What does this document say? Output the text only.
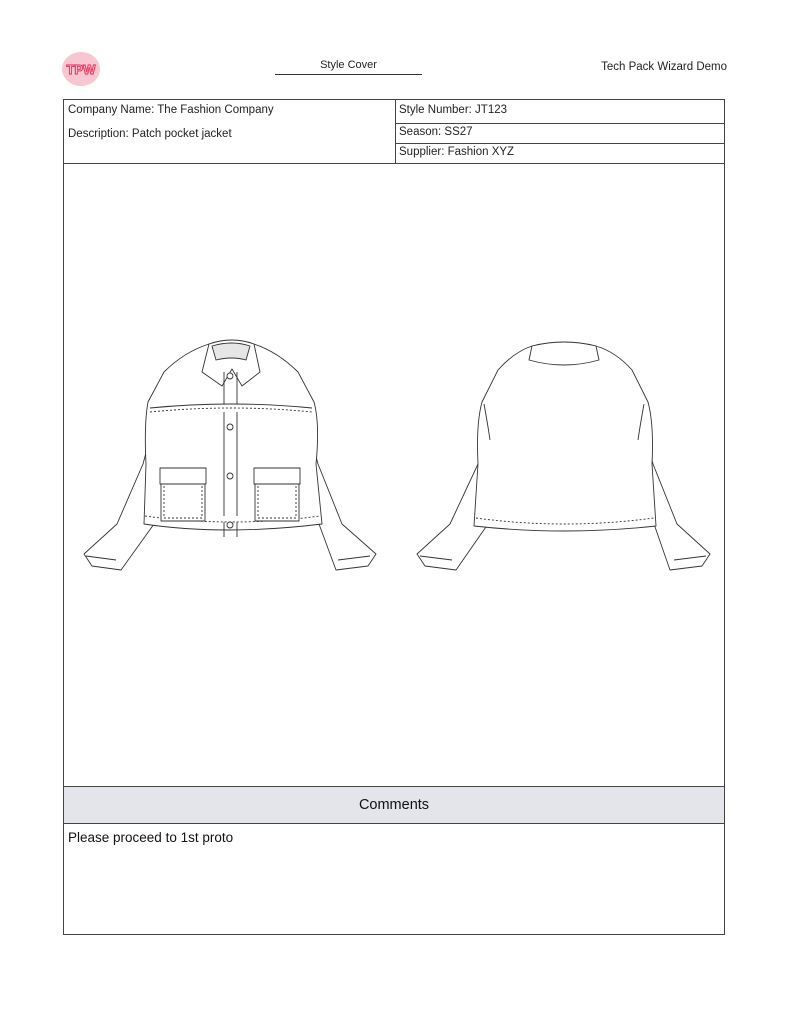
TPW	Style Cover	Tech Pack Wizard Demo
Company Name: The Fashion Company
Description: Patch pocket jacket
Style Number: JT123
Season: SS27
Supplier: Fashion XYZ
Comments
Please proceed to 1st proto
